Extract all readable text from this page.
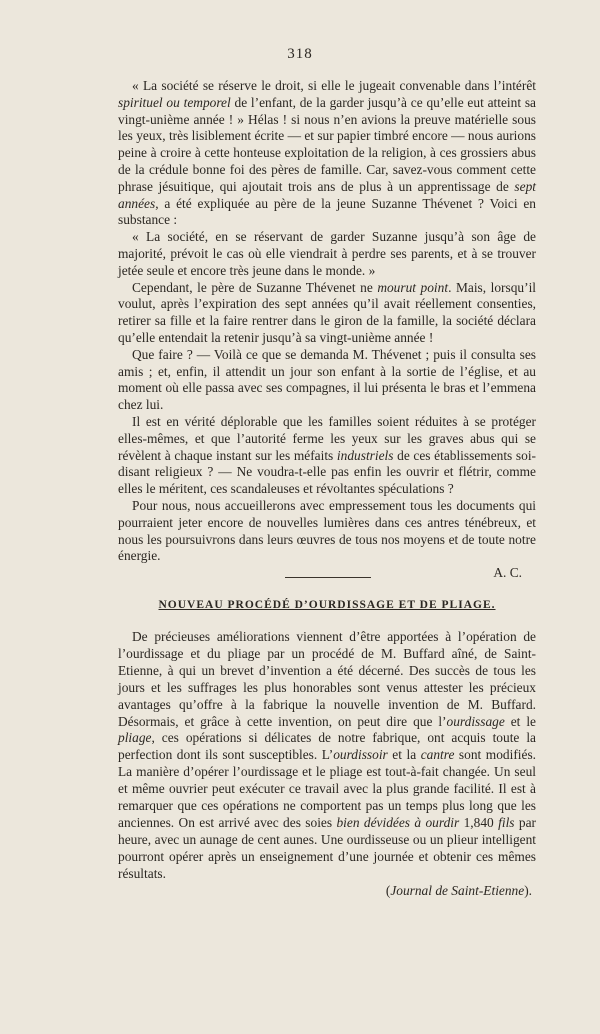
318

« La société se réserve le droit, si elle le jugeait convenable dans l’intérêt spirituel ou temporel de l’enfant, de la garder jusqu’à ce qu’elle eut atteint sa vingt-unième année ! » Hélas ! si nous n’en avions la preuve matérielle sous les yeux, très lisiblement écrite — et sur papier timbré encore — nous aurions peine à croire à cette honteuse exploitation de la religion, à ces grossiers abus de la crédule bonne foi des pères de famille. Car, savez-vous comment cette phrase jésuitique, qui ajoutait trois ans de plus à un apprentissage de sept années, a été expliquée au père de la jeune Suzanne Thévenet ? Voici en substance :

« La société, en se réservant de garder Suzanne jusqu’à son âge de majorité, prévoit le cas où elle viendrait à perdre ses parents, et à se trouver jetée seule et encore très jeune dans le monde. »

Cependant, le père de Suzanne Thévenet ne mourut point. Mais, lorsqu’il voulut, après l’expiration des sept années qu’il avait réellement consenties, retirer sa fille et la faire rentrer dans le giron de la famille, la société déclara qu’elle entendait la retenir jusqu’à sa vingt-unième année !

Que faire ? — Voilà ce que se demanda M. Thévenet ; puis il consulta ses amis ; et, enfin, il attendit un jour son enfant à la sortie de l’église, et au moment où elle passa avec ses compagnes, il lui présenta le bras et l’emmena chez lui.

Il est en vérité déplorable que les familles soient réduites à se protéger elles-mêmes, et que l’autorité ferme les yeux sur les graves abus qui se révèlent à chaque instant sur les méfaits industriels de ces établissements soi-disant religieux ? — Ne voudra-t-elle pas enfin les ouvrir et flétrir, comme elles le méritent, ces scandaleuses et révoltantes spéculations ?

Pour nous, nous accueillerons avec empressement tous les documents qui pourraient jeter encore de nouvelles lumières dans ces antres ténébreux, et nous les poursuivrons dans leurs œuvres de tous nos moyens et de toute notre énergie.

A. C.

NOUVEAU PROCÉDÉ D’OURDISSAGE ET DE PLIAGE.

De précieuses améliorations viennent d’être apportées à l’opération de l’ourdissage et du pliage par un procédé de M. Buffard aîné, de Saint-Etienne, à qui un brevet d’invention a été décerné. Des succès de tous les jours et les suffrages les plus honorables sont venus attester les précieux avantages qu’offre à la fabrique la nouvelle invention de M. Buffard. Désormais, et grâce à cette invention, on peut dire que l’ourdissage et le pliage, ces opérations si délicates de notre fabrique, ont acquis toute la perfection dont ils sont susceptibles. L’ourdissoir et la cantre sont modifiés. La manière d’opérer l’ourdissage et le pliage est tout-à-fait changée. Un seul et même ouvrier peut exécuter ce travail avec la plus grande facilité. Il est à remarquer que ces opérations ne comportent pas un temps plus long que les anciennes. On est arrivé avec des soies bien dévidées à ourdir 1,840 fils par heure, avec un aunage de cent aunes. Une ourdisseuse ou un plieur intelligent pourront opérer après un enseignement d’une journée et obtenir ces mêmes résultats.

(Journal de Saint-Etienne).
